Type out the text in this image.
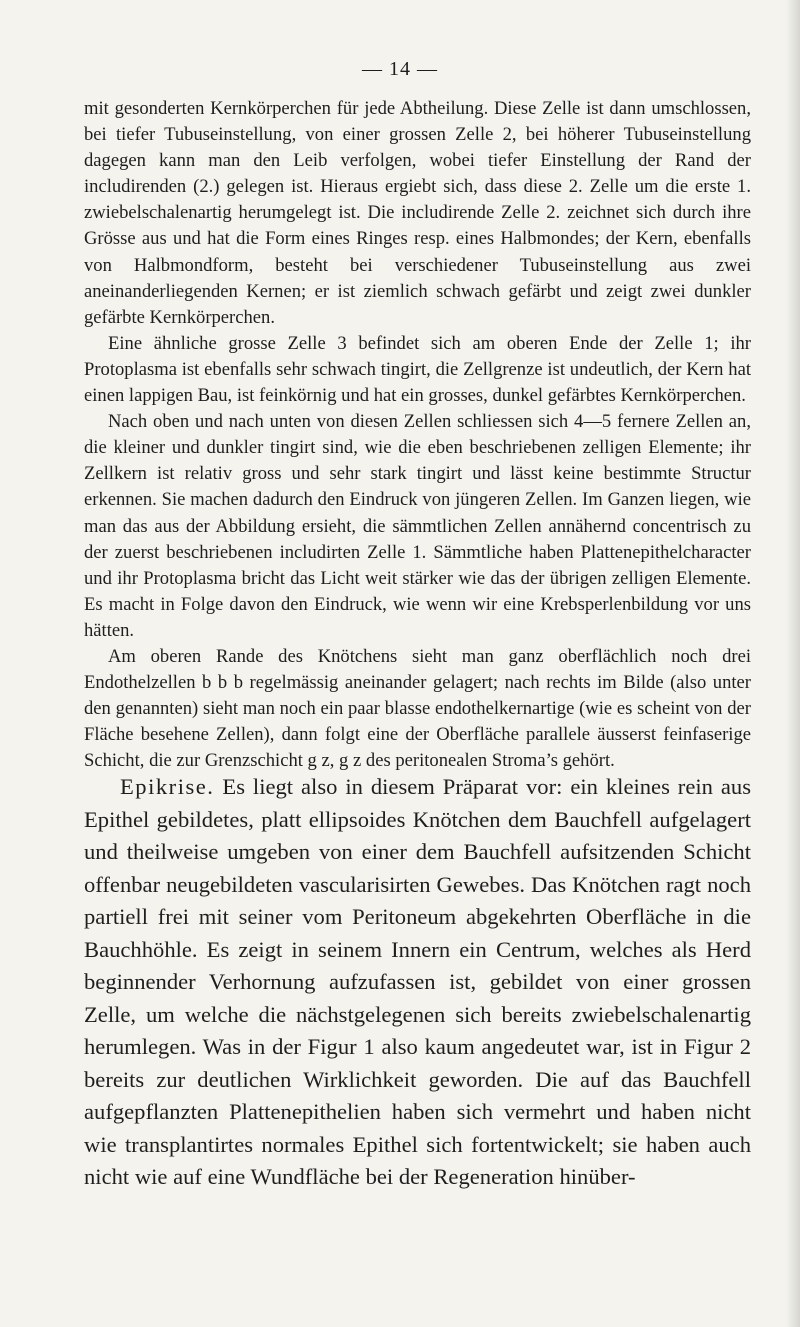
— 14 —

mit gesonderten Kernkörperchen für jede Abtheilung. Diese Zelle ist dann umschlossen, bei tiefer Tubuseinstellung, von einer grossen Zelle 2, bei höherer Tubuseinstellung dagegen kann man den Leib verfolgen, wobei tiefer Einstellung der Rand der includirenden (2.) gelegen ist. Hieraus ergiebt sich, dass diese 2. Zelle um die erste 1. zwiebelschalenartig herumgelegt ist. Die includirende Zelle 2. zeichnet sich durch ihre Grösse aus und hat die Form eines Ringes resp. eines Halbmondes; der Kern, ebenfalls von Halbmondform, besteht bei verschiedener Tubuseinstellung aus zwei aneinanderliegenden Kernen; er ist ziemlich schwach gefärbt und zeigt zwei dunkler gefärbte Kernkörperchen.

Eine ähnliche grosse Zelle 3 befindet sich am oberen Ende der Zelle 1; ihr Protoplasma ist ebenfalls sehr schwach tingirt, die Zellgrenze ist undeutlich, der Kern hat einen lappigen Bau, ist feinkörnig und hat ein grosses, dunkel gefärbtes Kernkörperchen.

Nach oben und nach unten von diesen Zellen schliessen sich 4—5 fernere Zellen an, die kleiner und dunkler tingirt sind, wie die eben beschriebenen zelligen Elemente; ihr Zellkern ist relativ gross und sehr stark tingirt und lässt keine bestimmte Structur erkennen. Sie machen dadurch den Eindruck von jüngeren Zellen. Im Ganzen liegen, wie man das aus der Abbildung ersieht, die sämmtlichen Zellen annähernd concentrisch zu der zuerst beschriebenen includirten Zelle 1. Sämmtliche haben Plattenepithelcharacter und ihr Protoplasma bricht das Licht weit stärker wie das der übrigen zelligen Elemente. Es macht in Folge davon den Eindruck, wie wenn wir eine Krebsperlenbildung vor uns hätten.

Am oberen Rande des Knötchens sieht man ganz oberflächlich noch drei Endothelzellen b b b regelmässig aneinander gelagert; nach rechts im Bilde (also unter den genannten) sieht man noch ein paar blasse endothelkernartige (wie es scheint von der Fläche besehene Zellen), dann folgt eine der Oberfläche parallele äusserst feinfaserige Schicht, die zur Grenzschicht g z, g z des peritonealen Stroma’s gehört.

Epikrise. Es liegt also in diesem Präparat vor: ein kleines rein aus Epithel gebildetes, platt ellipsoides Knötchen dem Bauchfell aufgelagert und theilweise umgeben von einer dem Bauchfell aufsitzenden Schicht offenbar neugebildeten vascularisirten Gewebes. Das Knötchen ragt noch partiell frei mit seiner vom Peritoneum abgekehrten Oberfläche in die Bauchhöhle. Es zeigt in seinem Innern ein Centrum, welches als Herd beginnender Verhornung aufzufassen ist, gebildet von einer grossen Zelle, um welche die nächstgelegenen sich bereits zwiebelschalenartig herumlegen. Was in der Figur 1 also kaum angedeutet war, ist in Figur 2 bereits zur deutlichen Wirklichkeit geworden. Die auf das Bauchfell aufgepflanzten Plattenepithelien haben sich vermehrt und haben nicht wie transplantirtes normales Epithel sich fortentwickelt; sie haben auch nicht wie auf eine Wundfläche bei der Regeneration hinüber-
